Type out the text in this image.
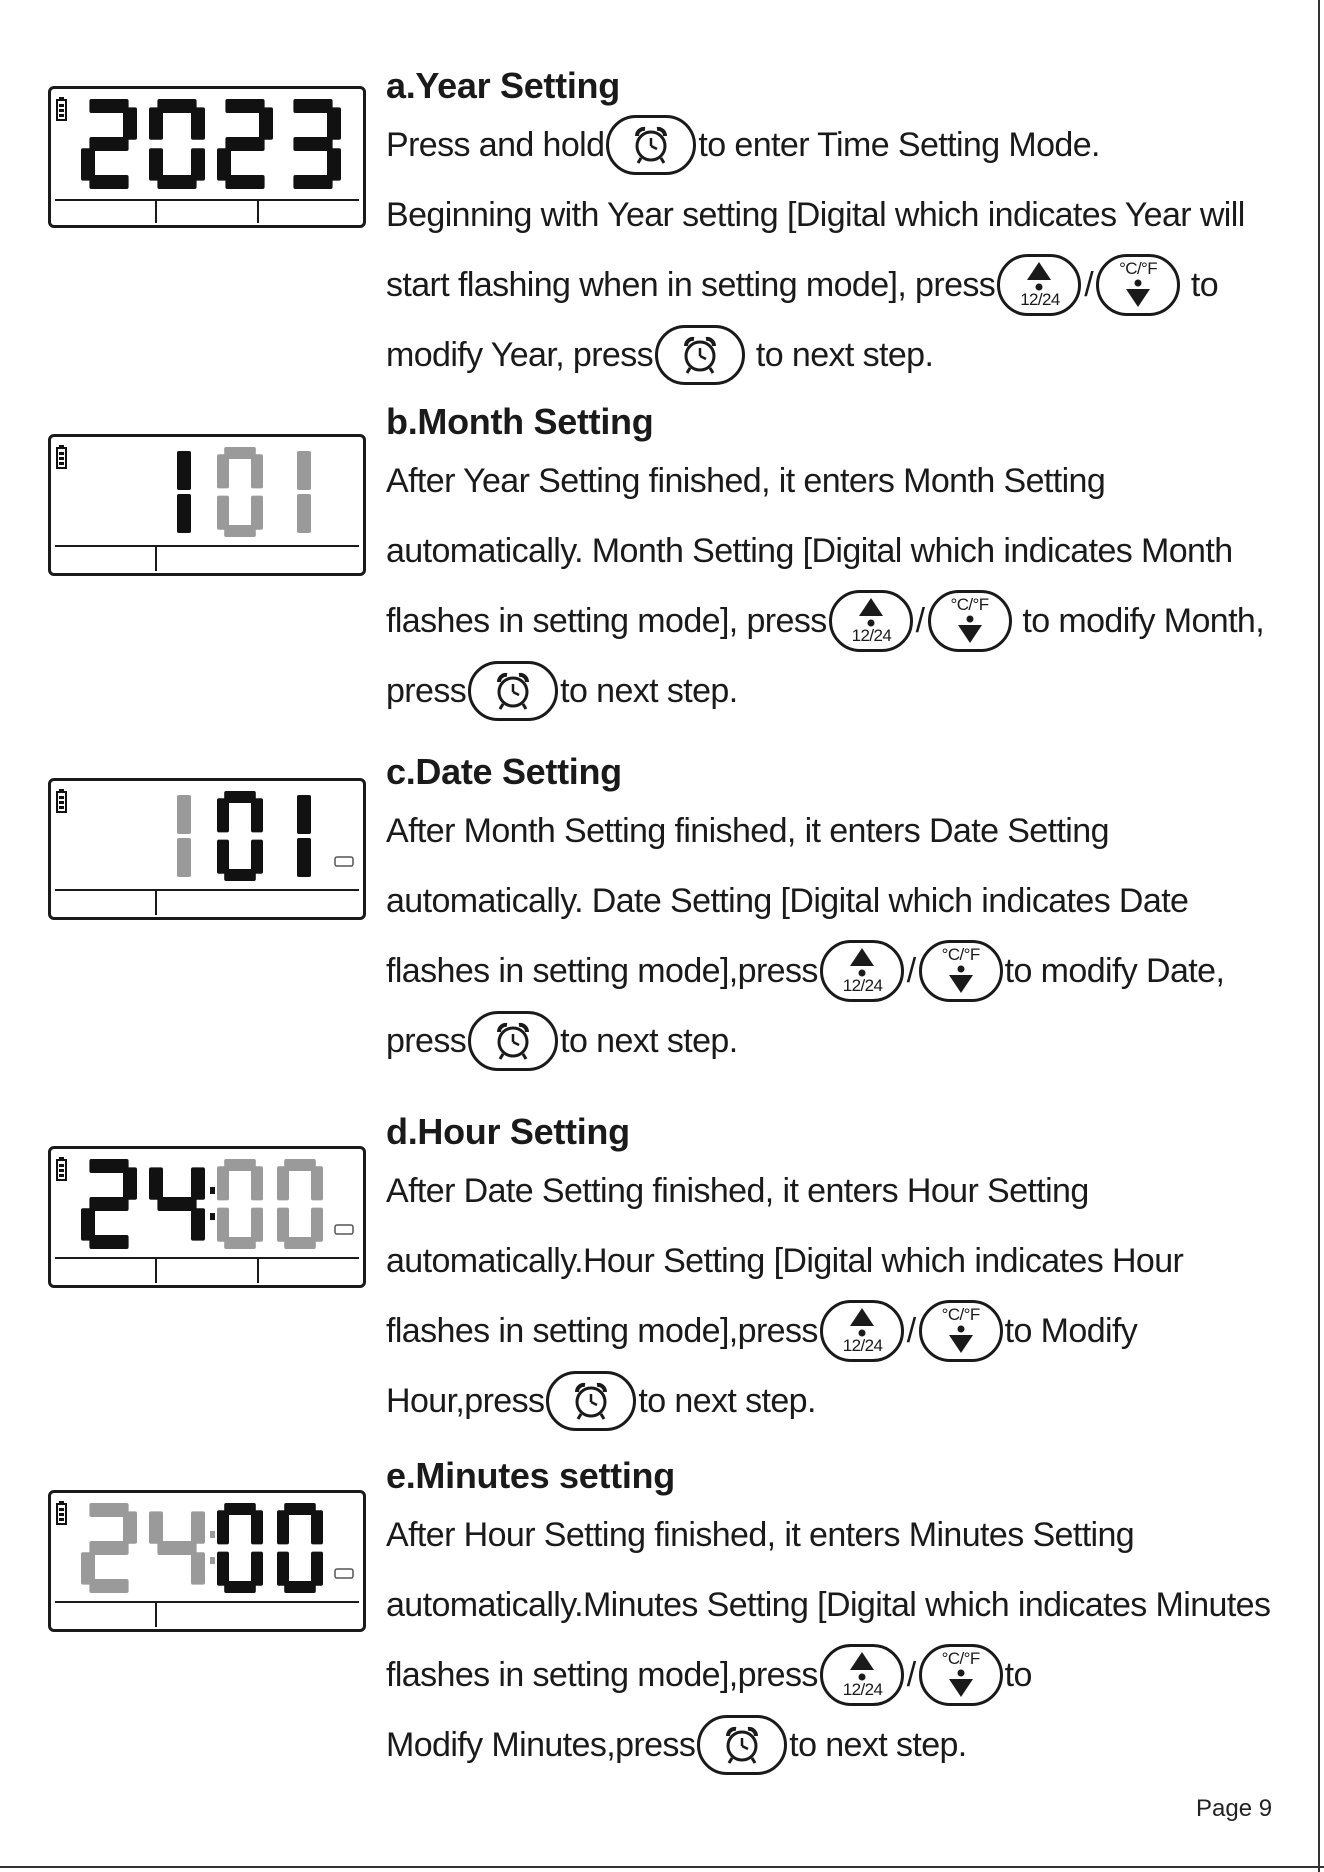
a.Year Setting
Press and hold	to enter Time Setting Mode.
Beginning with Year setting [Digital which indicates Year will
start flashing when in setting mode], press 12/24 / °C/°F to
modify Year, press	to next step.
b.Month Setting
After Year Setting finished, it enters Month Setting
automatically. Month Setting [Digital which indicates Month
flashes in setting mode], press 12/24 / °C/°F to modify Month,
press	to next step.
c.Date Setting
After Month Setting finished, it enters Date Setting
automatically. Date Setting [Digital which indicates Date
flashes in setting mode],press 12/24 / °C/°F to modify Date,
press	to next step.
d.Hour Setting
After Date Setting finished, it enters Hour Setting
automatically.Hour Setting [Digital which indicates Hour
flashes in setting mode],press 12/24 / °C/°F to Modify
Hour,press	to next step.
e.Minutes setting
After Hour Setting finished, it enters Minutes Setting
automatically.Minutes Setting [Digital which indicates Minutes
flashes in setting mode],press 12/24 / °C/°F to
Modify Minutes,press	to next step.
Page 9
